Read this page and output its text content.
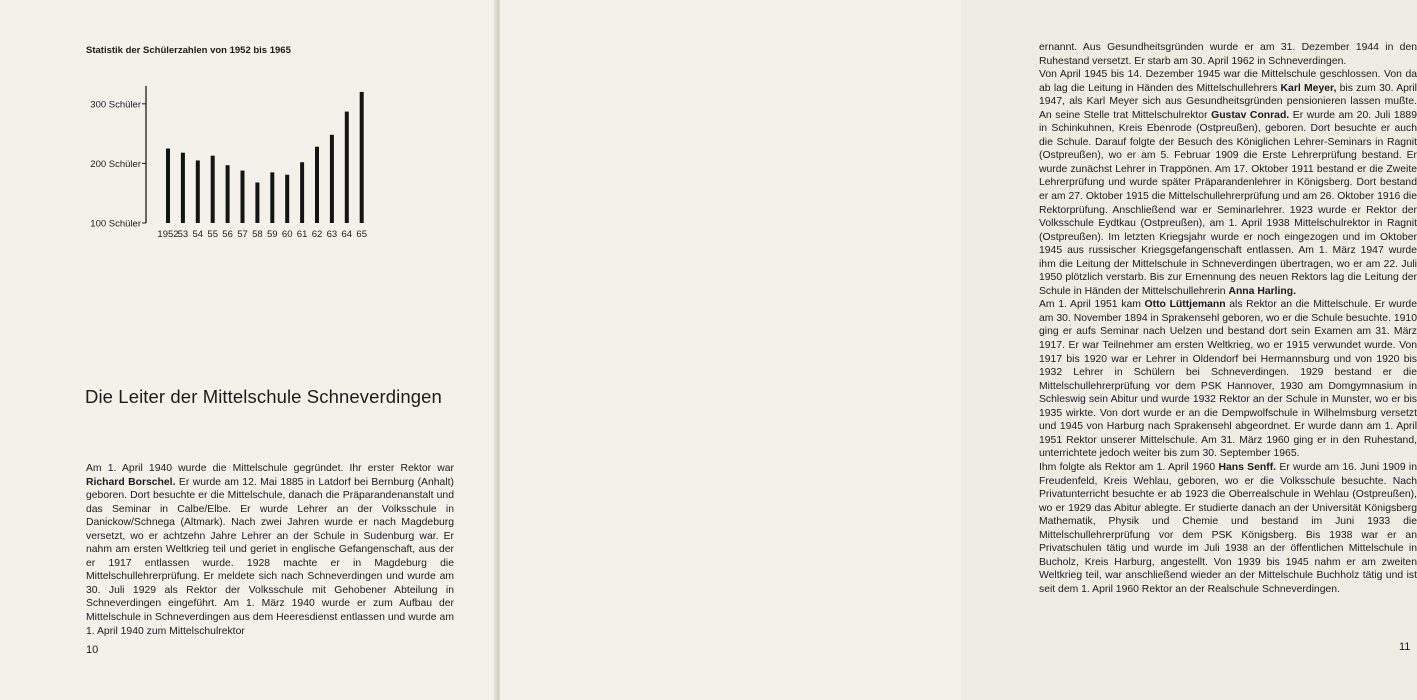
Statistik der Schülerzahlen von 1952 bis 1965
100 Schüler
200 Schüler
300 Schüler
1952 53 54 55 56 57 58 59 60 61 62 63 64 65
Die Leiter der Mittelschule Schneverdingen

Am 1. April 1940 wurde die Mittelschule gegründet. Ihr erster Rektor war Richard Borschel. Er wurde am 12. Mai 1885 in Latdorf bei Bernburg (Anhalt) geboren. Dort besuchte er die Mittelschule, danach die Präparandenanstalt und das Seminar in Calbe/Elbe. Er wurde Lehrer an der Volksschule in Danickow/Schnega (Altmark). Nach zwei Jahren wurde er nach Magdeburg versetzt, wo er achtzehn Jahre Lehrer an der Schule in Sudenburg war. Er nahm am ersten Weltkrieg teil und geriet in englische Gefangenschaft, aus der er 1917 entlassen wurde. 1928 machte er in Magdeburg die Mittelschullehrerprüfung. Er meldete sich nach Schneverdingen und wurde am 30. Juli 1929 als Rektor der Volksschule mit Gehobener Abteilung in Schneverdingen eingeführt. Am 1. März 1940 wurde er zum Aufbau der Mittelschule in Schneverdingen aus dem Heeresdienst entlassen und wurde am 1. April 1940 zum Mittelschulrektor

10

ernannt. Aus Gesundheitsgründen wurde er am 31. Dezember 1944 in den Ruhestand versetzt. Er starb am 30. April 1962 in Schneverdingen.

Von April 1945 bis 14. Dezember 1945 war die Mittelschule geschlossen. Von da ab lag die Leitung in Händen des Mittelschullehrers Karl Meyer, bis zum 30. April 1947, als Karl Meyer sich aus Gesundheitsgründen pensionieren lassen mußte. An seine Stelle trat Mittelschulrektor Gustav Conrad. Er wurde am 20. Juli 1889 in Schinkuhnen, Kreis Ebenrode (Ostpreußen), geboren. Dort besuchte er auch die Schule. Darauf folgte der Besuch des Königlichen Lehrer-Seminars in Ragnit (Ostpreußen), wo er am 5. Februar 1909 die Erste Lehrerprüfung bestand. Er wurde zunächst Lehrer in Trappönen. Am 17. Oktober 1911 bestand er die Zweite Lehrerprüfung und wurde später Präparandenlehrer in Königsberg. Dort bestand er am 27. Oktober 1915 die Mittelschullehrerprüfung und am 26. Oktober 1916 die Rektorprüfung. Anschließend war er Seminarlehrer. 1923 wurde er Rektor der Volksschule Eydtkau (Ostpreußen), am 1. April 1938 Mittelschulrektor in Ragnit (Ostpreußen). Im letzten Kriegsjahr wurde er noch eingezogen und im Oktober 1945 aus russischer Kriegsgefangenschaft entlassen. Am 1. März 1947 wurde ihm die Leitung der Mittelschule in Schneverdingen übertragen, wo er am 22. Juli 1950 plötzlich verstarb. Bis zur Ernennung des neuen Rektors lag die Leitung der Schule in Händen der Mittelschullehrerin Anna Harling.

Am 1. April 1951 kam Otto Lüttjemann als Rektor an die Mittelschule. Er wurde am 30. November 1894 in Sprakensehl geboren, wo er die Schule besuchte. 1910 ging er aufs Seminar nach Uelzen und bestand dort sein Examen am 31. März 1917. Er war Teilnehmer am ersten Weltkrieg, wo er 1915 verwundet wurde. Von 1917 bis 1920 war er Lehrer in Oldendorf bei Hermannsburg und von 1920 bis 1932 Lehrer in Schülern bei Schneverdingen. 1929 bestand er die Mittelschullehrerprüfung vor dem PSK Hannover, 1930 am Domgymnasium in Schleswig sein Abitur und wurde 1932 Rektor an der Schule in Munster, wo er bis 1935 wirkte. Von dort wurde er an die Dempwolfschule in Wilhelmsburg versetzt und 1945 von Harburg nach Sprakensehl abgeordnet. Er wurde dann am 1. April 1951 Rektor unserer Mittelschule. Am 31. März 1960 ging er in den Ruhestand, unterrichtete jedoch weiter bis zum 30. September 1965.

Ihm folgte als Rektor am 1. April 1960 Hans Senff. Er wurde am 16. Juni 1909 in Freudenfeld, Kreis Wehlau, geboren, wo er die Volksschule besuchte. Nach Privatunterricht besuchte er ab 1923 die Oberrealschule in Wehlau (Ostpreußen), wo er 1929 das Abitur ablegte. Er studierte danach an der Universität Königsberg Mathematik, Physik und Chemie und bestand im Juni 1933 die Mittelschullehrerprüfung vor dem PSK Königsberg. Bis 1938 war er an Privatschulen tätig und wurde im Juli 1938 an der öffentlichen Mittelschule in Bucholz, Kreis Harburg, angestellt. Von 1939 bis 1945 nahm er am zweiten Weltkrieg teil, war anschließend wieder an der Mittelschule Buchholz tätig und ist seit dem 1. April 1960 Rektor an der Realschule Schneverdingen.

11
